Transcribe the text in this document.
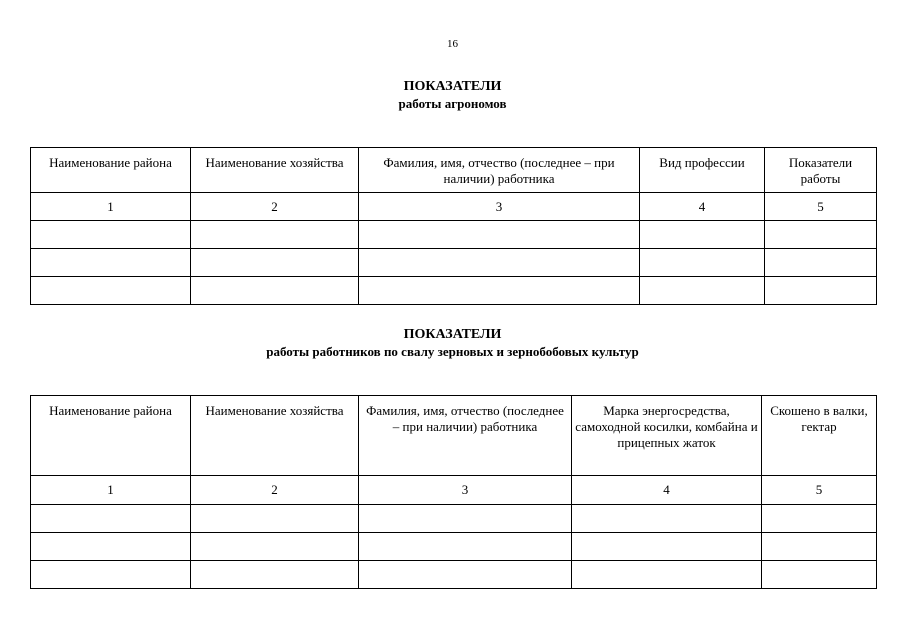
16
ПОКАЗАТЕЛИ
работы агрономов
Наименование района	Наименование хозяйства	Фамилия, имя, отчество (последнее – при наличии) работника	Вид профессии	Показатели работы
1	2	3	4	5

ПОКАЗАТЕЛИ
работы работников по свалу зерновых и зернобобовых культур
Наименование района	Наименование хозяйства	Фамилия, имя, отчество (последнее – при наличии) работника	Марка энергосредства, самоходной косилки, комбайна и прицепных жаток	Скошено в валки, гектар
1	2	3	4	5
